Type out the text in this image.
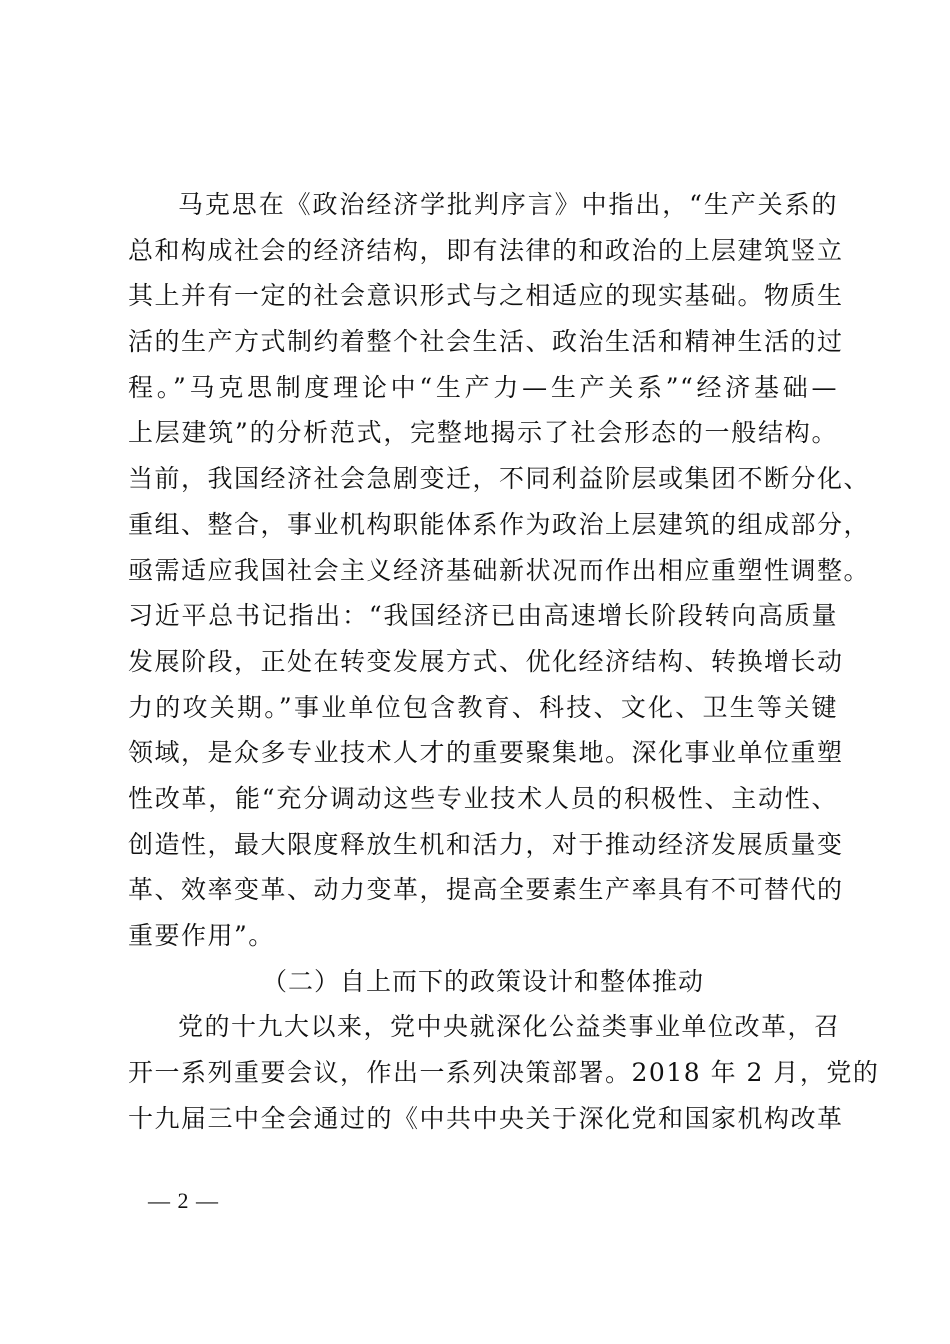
马克思在《政治经济学批判序言》中指出，“生产关系的
总和构成社会的经济结构，即有法律的和政治的上层建筑竖立
其上并有一定的社会意识形式与之相适应的现实基础。物质生
活的生产方式制约着整个社会生活、政治生活和精神生活的过
程。”马克思制度理论中“生产力—生产关系”“经济基础—
上层建筑”的分析范式，完整地揭示了社会形态的一般结构。
当前，我国经济社会急剧变迁，不同利益阶层或集团不断分化、
重组、整合，事业机构职能体系作为政治上层建筑的组成部分，
亟需适应我国社会主义经济基础新状况而作出相应重塑性调整。
习近平总书记指出：“我国经济已由高速增长阶段转向高质量
发展阶段，正处在转变发展方式、优化经济结构、转换增长动
力的攻关期。”事业单位包含教育、科技、文化、卫生等关键
领域，是众多专业技术人才的重要聚集地。深化事业单位重塑
性改革，能“充分调动这些专业技术人员的积极性、主动性、
创造性，最大限度释放生机和活力，对于推动经济发展质量变
革、效率变革、动力变革，提高全要素生产率具有不可替代的
重要作用”。
（二）自上而下的政策设计和整体推动
党的十九大以来，党中央就深化公益类事业单位改革，召
开一系列重要会议，作出一系列决策部署。2018 年 2 月，党的
十九届三中全会通过的《中共中央关于深化党和国家机构改革
— 2 —
